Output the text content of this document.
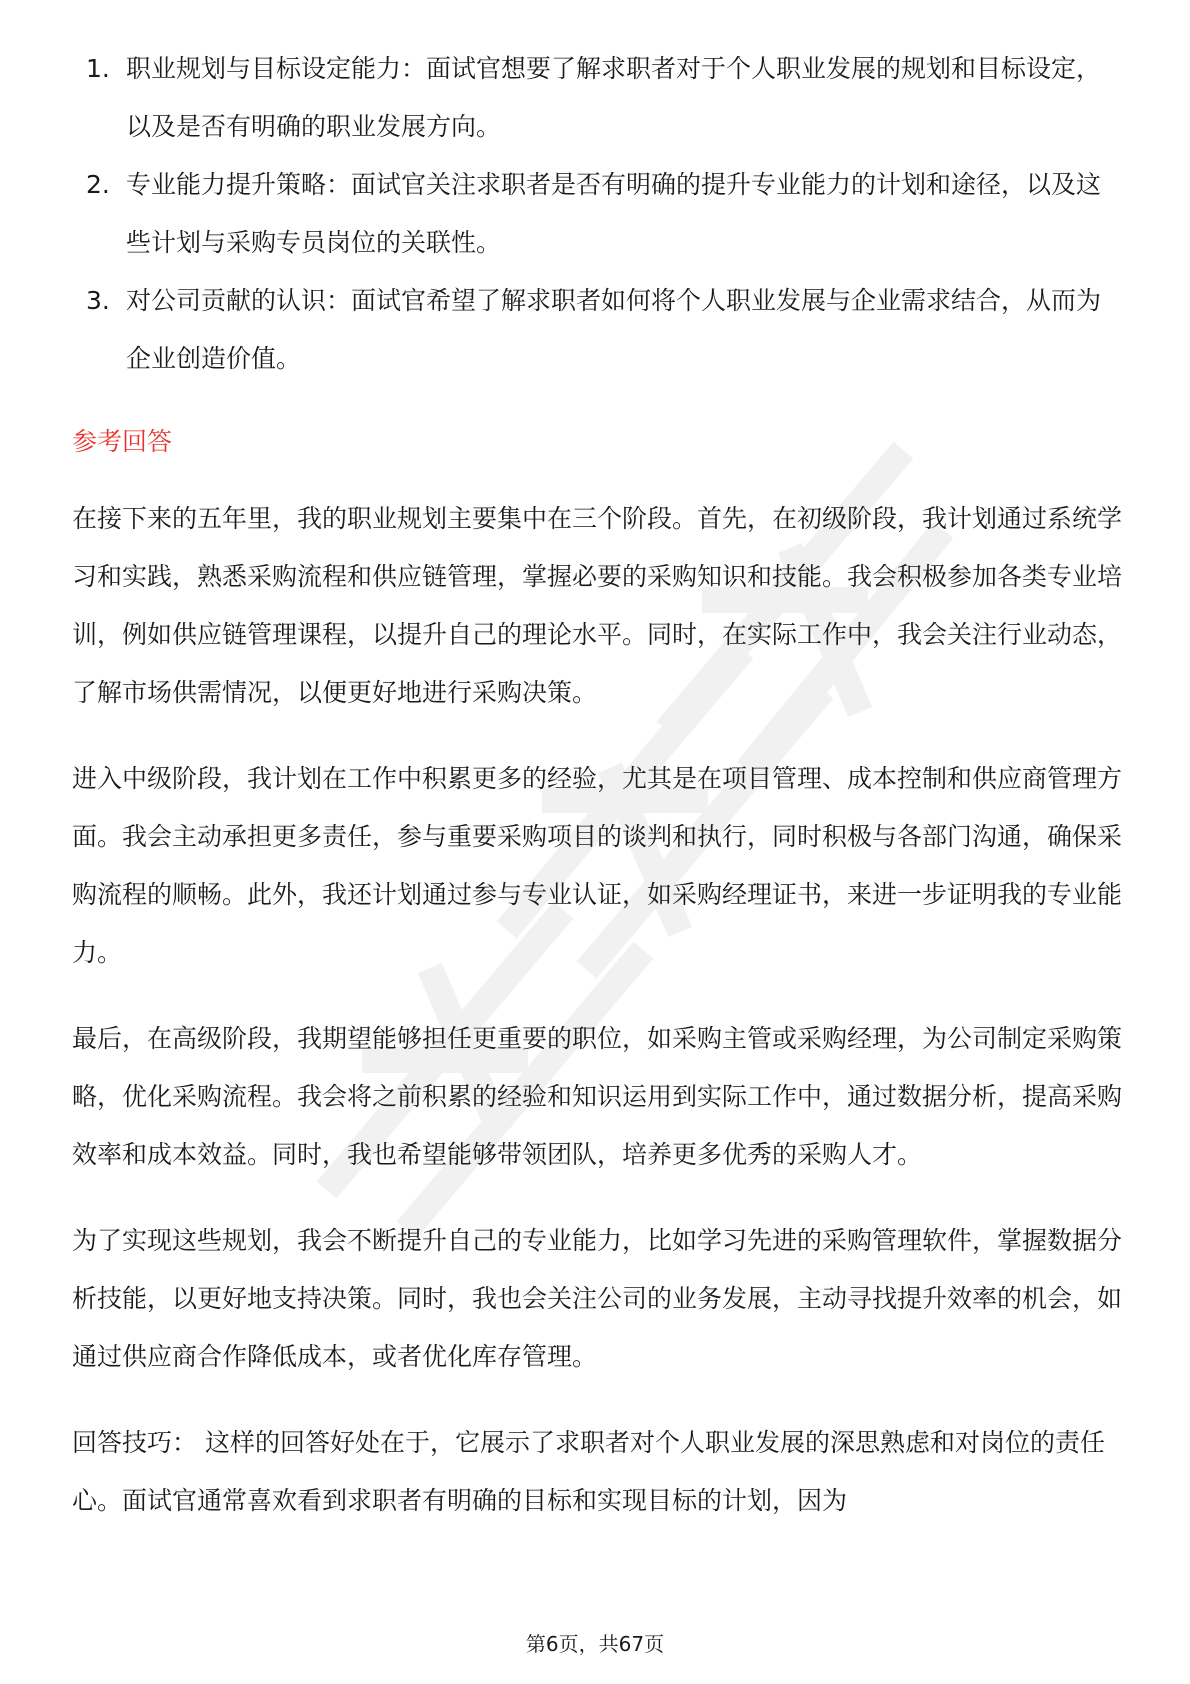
1. 职业规划与目标设定能力：面试官想要了解求职者对于个人职业发展的规划和目标设定，以及是否有明确的职业发展方向。
2. 专业能力提升策略：面试官关注求职者是否有明确的提升专业能力的计划和途径，以及这些计划与采购专员岗位的关联性。
3. 对公司贡献的认识：面试官希望了解求职者如何将个人职业发展与企业需求结合，从而为企业创造价值。
参考回答

在接下来的五年里，我的职业规划主要集中在三个阶段。首先，在初级阶段，我计划通过系统学习和实践，熟悉采购流程和供应链管理，掌握必要的采购知识和技能。我会积极参加各类专业培训，例如供应链管理课程，以提升自己的理论水平。同时，在实际工作中，我会关注行业动态，了解市场供需情况，以便更好地进行采购决策。

进入中级阶段，我计划在工作中积累更多的经验，尤其是在项目管理、成本控制和供应商管理方面。我会主动承担更多责任，参与重要采购项目的谈判和执行，同时积极与各部门沟通，确保采购流程的顺畅。此外，我还计划通过参与专业认证，如采购经理证书，来进一步证明我的专业能力。

最后，在高级阶段，我期望能够担任更重要的职位，如采购主管或采购经理，为公司制定采购策略，优化采购流程。我会将之前积累的经验和知识运用到实际工作中，通过数据分析，提高采购效率和成本效益。同时，我也希望能够带领团队，培养更多优秀的采购人才。

为了实现这些规划，我会不断提升自己的专业能力，比如学习先进的采购管理软件，掌握数据分析技能，以更好地支持决策。同时，我也会关注公司的业务发展，主动寻找提升效率的机会，如通过供应商合作降低成本，或者优化库存管理。

回答技巧： 这样的回答好处在于，它展示了求职者对个人职业发展的深思熟虑和对岗位的责任心。面试官通常喜欢看到求职者有明确的目标和实现目标的计划，因为

第6页，共67页
